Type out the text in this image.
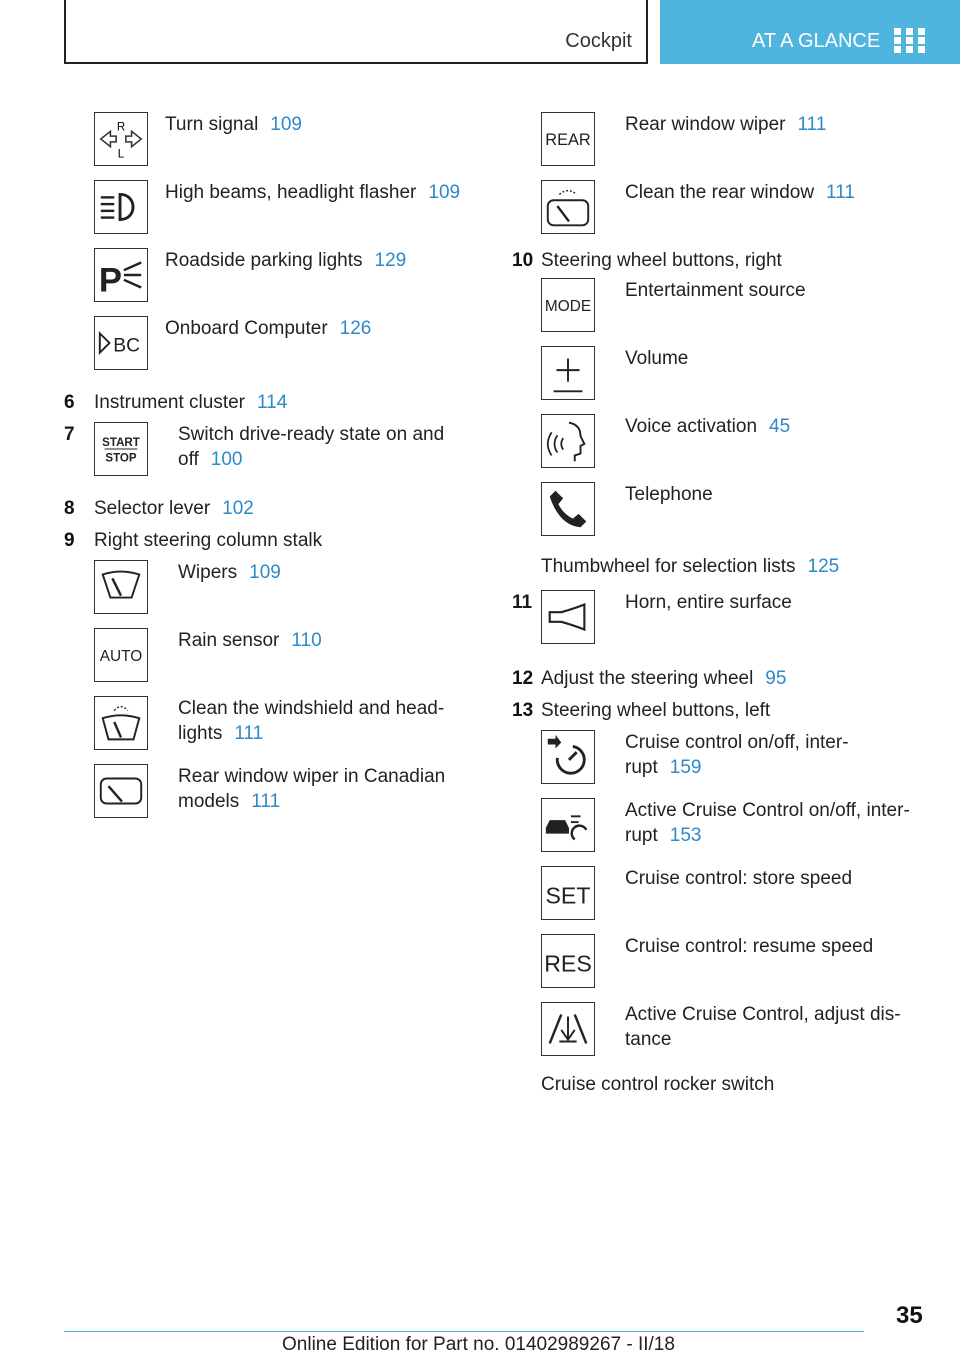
Cockpit	AT A GLANCE
R
L
Turn signal 109
High beams, headlight flasher 109
P
Roadside parking lights 129
BC
Onboard Computer 126
6 Instrument cluster 114
7 START
STOP
Switch drive-ready state on and
off 100
8 Selector lever 102
9 Right steering column stalk
Wipers 109
AUTO
Rain sensor 110
Clean the windshield and head-
lights 111
Rear window wiper in Canadian
models 111
REAR
Rear window wiper 111
Clean the rear window 111
10 Steering wheel buttons, right
MODE
Entertainment source
Volume
Voice activation 45
Telephone
Thumbwheel for selection lists 125
11	Horn, entire surface
12 Adjust the steering wheel 95
13 Steering wheel buttons, left
Cruise control on/off, inter-
rupt 159
Active Cruise Control on/off, inter-
rupt 153
SET
Cruise control: store speed
RES
Cruise control: resume speed
Active Cruise Control, adjust dis-
tance
Cruise control rocker switch
35
Online Edition for Part no. 01402989267 - II/18
